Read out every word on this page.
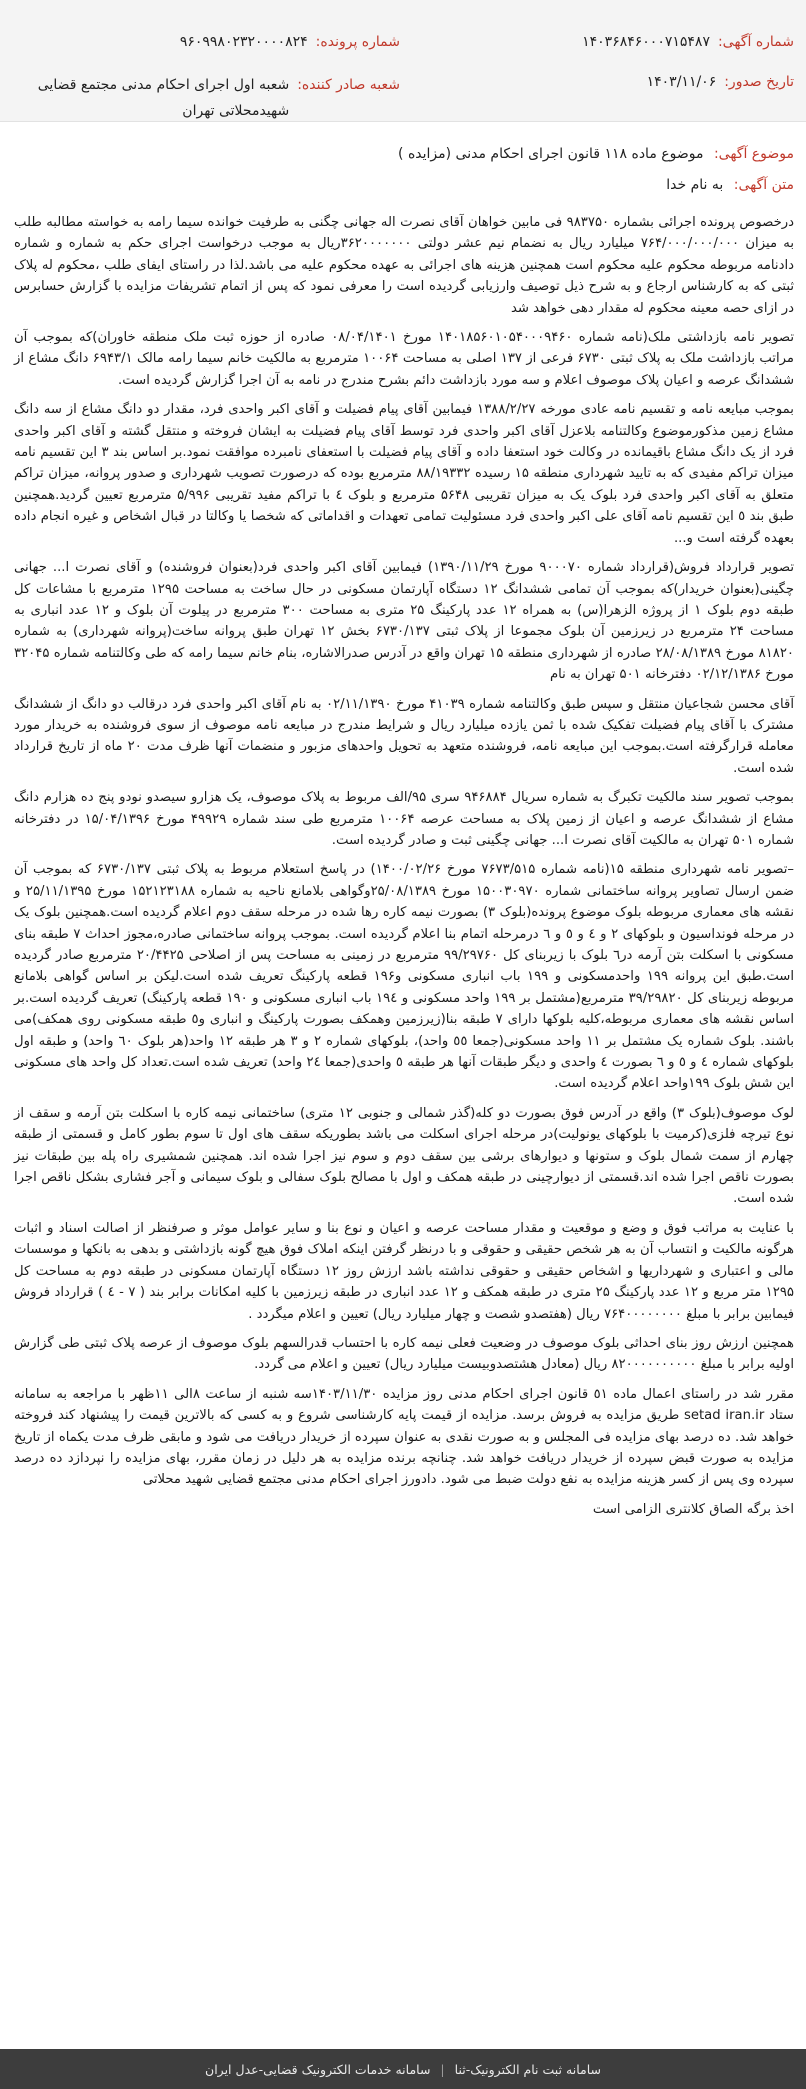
شماره آگهی:
۱۴۰۳۶۸۴۶۰۰۰۷۱۵۴۸۷
تاریخ صدور:
۱۴۰۳/۱۱/۰۶
شماره پرونده:
۹۶۰۹۹۸۰۲۳۲۰۰۰۰۸۲۴
شعبه صادر کننده:
شعبه اول اجرای احکام مدنی مجتمع قضایی شهیدمحلاتی تهران
موضوع آگهی: موضوع ماده ۱۱۸ قانون اجرای احکام مدنی (مزایده )
متن آگهی: به نام خدا

درخصوص پرونده اجرائی بشماره ۹۸۳۷۵۰ فی مابین خواهان آقای نصرت اله جهانی چگنی به طرفیت خوانده سیما رامه به خواسته مطالبه طلب به میزان ۷۶۴/۰۰۰/۰۰۰/۰۰۰ میلیارد ریال به نضمام نیم عشر دولتی ۳۶۲۰۰۰۰۰۰۰ریال به موجب درخواست اجرای حکم به شماره و شماره دادنامه مربوطه محکوم علیه محکوم است همچنین هزینه های اجرائی به عهده محکوم علیه می باشد.لذا در راستای ایفای طلب ،محکوم له پلاک ثبتی که به کارشناس ارجاع و به شرح ذیل توصیف وارزیابی گردیده است را معرفی نمود که پس از اتمام تشریفات مزایده با گزارش حسابرس در ازای حصه معینه محکوم له مقدار دهی خواهد شد

تصویر نامه بازداشتی ملک(نامه شماره ۱۴۰۱۸۵۶۰۱۰۵۴۰۰۰۹۴۶۰ مورخ ۰۸/۰۴/۱۴۰۱ صادره از حوزه ثبت ملک منطقه خاوران)که بموجب آن مراتب بازداشت ملک به پلاک ثبتی ۶۷۳۰ فرعی از ۱۳۷ اصلی به مساحت ۱۰۰۶۴ مترمربع به مالکیت خانم سیما رامه مالک ۶۹۴۳/۱ دانگ مشاع از ششدانگ عرصه و اعیان پلاک موصوف اعلام و سه مورد بازداشت دائم بشرح مندرج در نامه به آن اجرا گزارش گردیده است.

بموجب مبایعه نامه و تقسیم نامه عادی مورخه ۱۳۸۸/۲/۲۷ فیمابین آقای پیام فضیلت و آقای اکبر واحدی فرد، مقدار دو دانگ مشاع از سه دانگ مشاع زمین مذکورموضوع وکالتنامه بلاعزل آقای اکبر واحدی فرد توسط آقای پیام فضیلت به ایشان فروخته و منتقل گشته و آقای اکبر واحدی فرد از یک دانگ مشاع باقیمانده در وکالت خود استعفا داده و آقای پیام فضیلت با استعفای نامبرده موافقت نمود.بر اساس بند ۳ این تقسیم نامه میزان تراکم مفیدی که به تایید شهرداری منطقه ۱۵ رسیده ۸۸/۱۹۳۳۲ مترمربع بوده که درصورت تصویب شهرداری و صدور پروانه، میزان تراکم متعلق به آقای اکبر واحدی فرد بلوک یک به میزان تقریبی ۵۶۴۸ مترمربع و بلوک ٤ با تراکم مفید تقریبی ۵/۹۹۶ مترمربع تعیین گردید.همچنین طبق بند ٥ این تقسیم نامه آقای علی اکبر واحدی فرد مسئولیت تمامی تعهدات و اقداماتی که شخصا یا وکالتا در قبال اشخاص و غیره انجام داده بعهده گرفته است و...

تصویر قرارداد فروش(قرارداد شماره ۹۰۰۰۷۰ مورخ ۱۳۹۰/۱۱/۲۹) فیمابین آقای اکبر واحدی فرد(بعنوان فروشنده) و آقای نصرت ا... جهانی چگینی(بعنوان خریدار)که بموجب آن تمامی ششدانگ ۱۲ دستگاه آپارتمان مسکونی در حال ساخت به مساحت ۱۲۹۵ مترمربع با مشاعات کل طبقه دوم بلوک ۱ از پروژه الزهرا(س) به همراه ۱۲ عدد پارکینگ ۲۵ متری به مساحت ۳۰۰ مترمربع در پیلوت آن بلوک و ۱۲ عدد انباری به مساحت ۲۴ مترمربع در زیرزمین آن بلوک مجموعا از پلاک ثبتی ۶۷۳۰/۱۳۷ بخش ۱۲ تهران طبق پروانه ساخت(پروانه شهرداری) به شماره ۸۱۸۲۰ مورخ ۲۸/۰۸/۱۳۸۹ صادره از شهرداری منطقه ۱۵ تهران واقع در آدرس صدرالاشاره، بنام خانم سیما رامه که طی وکالتنامه شماره ۳۲۰۴۵ مورخ ۰۲/۱۲/۱۳۸۶ دفترخانه ۵۰۱ تهران به نام

آقای محسن شجاعیان منتقل و سپس طبق وکالتنامه شماره ۴۱۰۳۹ مورخ ۰۲/۱۱/۱۳۹۰ به نام آقای اکبر واحدی فرد درقالب دو دانگ از ششدانگ مشترک با آقای پیام فضیلت تفکیک شده با ثمن یازده میلیارد ریال و شرایط مندرج در مبایعه نامه موصوف از سوی فروشنده به خریدار مورد معامله قرارگرفته است.بموجب این مبایعه نامه، فروشنده متعهد به تحویل واحدهای مزبور و منضمات آنها ظرف مدت ۲۰ ماه از تاریخ قرارداد شده است.

بموجب تصویر سند مالکیت تکبرگ به شماره سریال ۹۴۶۸۸۴ سری ۹۵/الف مربوط به پلاک موصوف، یک هزارو سیصدو نودو پنج ده هزارم دانگ مشاع از ششدانگ عرصه و اعیان از زمین پلاک به مساحت عرصه ۱۰۰۶۴ مترمربع طی سند شماره ۴۹۹۲۹ مورخ ۱۵/۰۴/۱۳۹۶ در دفترخانه شماره ۵۰۱ تهران به مالکیت آقای نصرت ا... جهانی چگینی ثبت و صادر گردیده است.

–تصویر نامه شهرداری منطقه ۱۵(نامه شماره ۷۶۷۳/۵۱۵ مورخ ۱۴۰۰/۰۲/۲۶) در پاسخ استعلام مربوط به پلاک ثبتی ۶۷۳۰/۱۳۷ که بموجب آن ضمن ارسال تصاویر پروانه ساختمانی شماره ۱۵۰۰۳۰۹۷۰ مورخ ۲۵/۰۸/۱۳۸۹وگواهی بلامانع ناحیه به شماره ۱۵۲۱۲۳۱۸۸ مورخ ۲۵/۱۱/۱۳۹۵ و نقشه های معماری مربوطه بلوک موضوع پرونده(بلوک ۳) بصورت نیمه کاره رها شده در مرحله سقف دوم اعلام گردیده است.همچنین بلوک یک در مرحله فونداسیون و بلوکهای ۲ و ٤ و ٥ و ٦ درمرحله اتمام بنا اعلام گردیده است. بموجب پروانه ساختمانی صادره،مجوز احداث ۷ طبقه بنای مسکونی با اسکلت بتن آرمه در٦ بلوک با زیربنای کل ۹۹/۲۹۷۶۰ مترمربع در زمینی به مساحت پس از اصلاحی ۲۰/۴۴۲۵ مترمربع صادر گردیده است.طبق این پروانه ۱۹۹ واحدمسکونی و ۱۹۹ باب انباری مسکونی و۱۹۶ قطعه پارکینگ تعریف شده است.لیکن بر اساس گواهی بلامانع مربوطه زیربنای کل ۳۹/۲۹۸۲۰ مترمربع(مشتمل بر ۱۹۹ واحد مسکونی و ۱۹٤ باب انباری مسکونی و ۱۹۰ قطعه پارکینگ) تعریف گردیده است.بر اساس نقشه های معماری مربوطه،کلیه بلوکها دارای ۷ طبقه بنا(زیرزمین وهمکف بصورت پارکینگ و انباری و٥ طبقه مسکونی روی همکف)می باشند. بلوک شماره یک مشتمل بر ۱۱ واحد مسکونی(جمعا ٥٥ واحد)، بلوکهای شماره ۲ و ۳ هر طبقه ۱۲ واحد(هر بلوک ٦۰ واحد) و طبقه اول بلوکهای شماره ٤ و ٥ و ٦ بصورت ٤ واحدی و دیگر طبقات آنها هر طبقه ٥ واحدی(جمعا ۲٤ واحد) تعریف شده است.تعداد کل واحد های مسکونی این شش بلوک ۱۹۹واحد اعلام گردیده است.

لوک موصوف(بلوک ۳) واقع در آدرس فوق بصورت دو کله(گذر شمالی و جنوبی ۱۲ متری) ساختمانی نیمه کاره با اسکلت بتن آرمه و سقف از نوع تیرچه فلزی(کرمیت با بلوکهای یونولیت)در مرحله اجرای اسکلت می باشد بطوریکه سقف های اول تا سوم بطور کامل و قسمتی از طبقه چهارم از سمت شمال بلوک و ستونها و دیوارهای برشی بین سقف دوم و سوم نیز اجرا شده اند. همچنین شمشیری راه پله بین طبقات نیز بصورت ناقص اجرا شده اند.قسمتی از دیوارچینی در طبقه همکف و اول با مصالح بلوک سفالی و بلوک سیمانی و آجر فشاری بشکل ناقص اجرا شده است.

با عنایت به مراتب فوق و وضع و موقعیت و مقدار مساحت عرصه و اعیان و نوع بنا و سایر عوامل موثر و صرفنظر از اصالت اسناد و اثبات هرگونه مالکیت و انتساب آن به هر شخص حقیقی و حقوقی و با درنظر گرفتن اینکه املاک فوق هیچ گونه بازداشتی و بدهی به بانکها و موسسات مالی و اعتباری و شهرداریها و اشخاص حقیقی و حقوقی نداشته باشد ارزش روز ۱۲ دستگاه آپارتمان مسکونی در طبقه دوم به مساحت کل ۱۲۹۵ متر مربع و ۱۲ عدد پارکینگ ۲۵ متری در طبقه همکف و ۱۲ عدد انباری در طبقه زیرزمین با کلیه امکانات برابر بند ( ۷ - ٤ ) قرارداد فروش فیمابین برابر با مبلغ ۷۶۴۰۰۰۰۰۰۰۰ ریال (هفتصدو شصت و چهار میلیارد ریال) تعیین و اعلام میگردد .

همچنین ارزش روز بنای احداثی بلوک موصوف در وضعیت فعلی نیمه کاره با احتساب قدرالسهم بلوک موصوف از عرصه پلاک ثبتی طی گزارش اولیه برابر با مبلغ ۸۲۰۰۰۰۰۰۰۰۰۰ ریال (معادل هشتصدوبیست میلیارد ریال) تعیین و اعلام می گردد.

مقرر شد در راستای اعمال ماده ٥۱ قانون اجرای احکام مدنی روز مزایده ۱۴۰۳/۱۱/۳۰سه شنبه از ساعت ۸الی ۱۱ظهر با مراجعه به سامانه ستاد setad iran.ir طریق مزایده به فروش برسد. مزایده از قیمت پایه کارشناسی شروع و به کسی که بالاترین قیمت را پیشنهاد کند فروخته خواهد شد. ده درصد بهای مزایده فی المجلس و به صورت نقدی به عنوان سپرده از خریدار دریافت می شود و مابقی ظرف مدت یکماه از تاریخ مزایده به صورت قبض سپرده از خریدار دریافت خواهد شد. چنانچه برنده مزایده به هر دلیل در زمان مقرر، بهای مزایده را نپردازد ده درصد سپرده وی پس از کسر هزینه مزایده به نفع دولت ضبط می شود. دادورز اجرای احکام مدنی مجتمع قضایی شهید محلاتی

اخذ برگه الصاق کلانتری الزامی است

سامانه ثبت نام الکترونیک-ثنا
|
سامانه خدمات الکترونیک قضایی-عدل ایران
